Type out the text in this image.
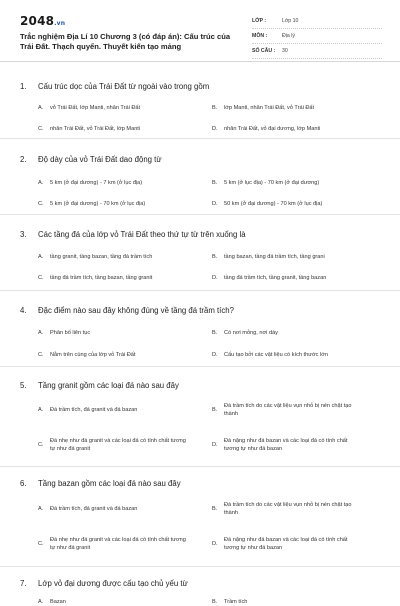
2048.vn
Trắc nghiệm Địa Lí 10 Chương 3 (có đáp án): Cấu trúc của Trái Đất. Thạch quyển. Thuyết kiến tạo mảng
LỚP :	Lớp 10
MÔN :	Địa lý
SỐ CÂU :	30
1.	Cấu trúc dọc của Trái Đất từ ngoài vào trong gồm
A.	vỏ Trái Đất, lớp Manti, nhân Trái Đất	B.	lớp Manti, nhân Trái Đất, vỏ Trái Đất
C.	nhân Trái Đất, vỏ Trái Đất, lớp Manti	D.	nhân Trái Đất, vỏ đại dương, lớp Manti
2.	Độ dày của vỏ Trái Đất dao động từ
A.	5 km (ở đại dương) - 7 km (ở lục địa)	B.	5 km (ở lục địa) - 70 km (ở đại dương)
C.	5 km (ở đại dương) - 70 km (ở lục địa)	D.	50 km (ở đại dương) - 70 km (ở lục địa)
3.	Các tầng đá của lớp vỏ Trái Đất theo thứ tự từ trên xuống là
A.	tầng granit, tầng bazan, tầng đá trầm tích	B.	tầng bazan, tầng đá trầm tích, tầng grani
C.	tầng đá trầm tích, tầng bazan, tầng granit	D.	tầng đá trầm tích, tầng granit, tầng bazan
4.	Đặc điểm nào sau đây không đúng về tầng đá trầm tích?
A.	Phân bố liên tục	B.	Có nơi mỏng, nơi dày
C.	Nằm trên cùng của lớp vỏ Trái Đất	D.	Cấu tạo bởi các vật liệu có kích thước lớn
5.	Tầng granit gồm các loại đá nào sau đây
A.	Đá trầm tích, đá granit và đá bazan	B.
Đá trầm tích do các vật liệu vụn nhỏ bị nén chặt tạo thành
C.
Đá nhẹ như đá granit và các loại đá có tính chất tương tự như đá granit
D.
Đá nặng như đá bazan và các loại đá có tính chất tương tự như đá bazan
6.	Tầng bazan gồm các loại đá nào sau đây
A.	Đá trầm tích, đá granit và đá bazan	B.
Đá trầm tích do các vật liệu vụn nhỏ bị nén chặt tạo thành
C.
Đá nhẹ như đá granit và các loại đá có tính chất tương tự như đá granit
D.
Đá nặng như đá bazan và các loại đá có tính chất tương tự như đá bazan
7.	Lớp vỏ đại dương được cấu tạo chủ yếu từ
A.	Bazan	B.	Trầm tích
